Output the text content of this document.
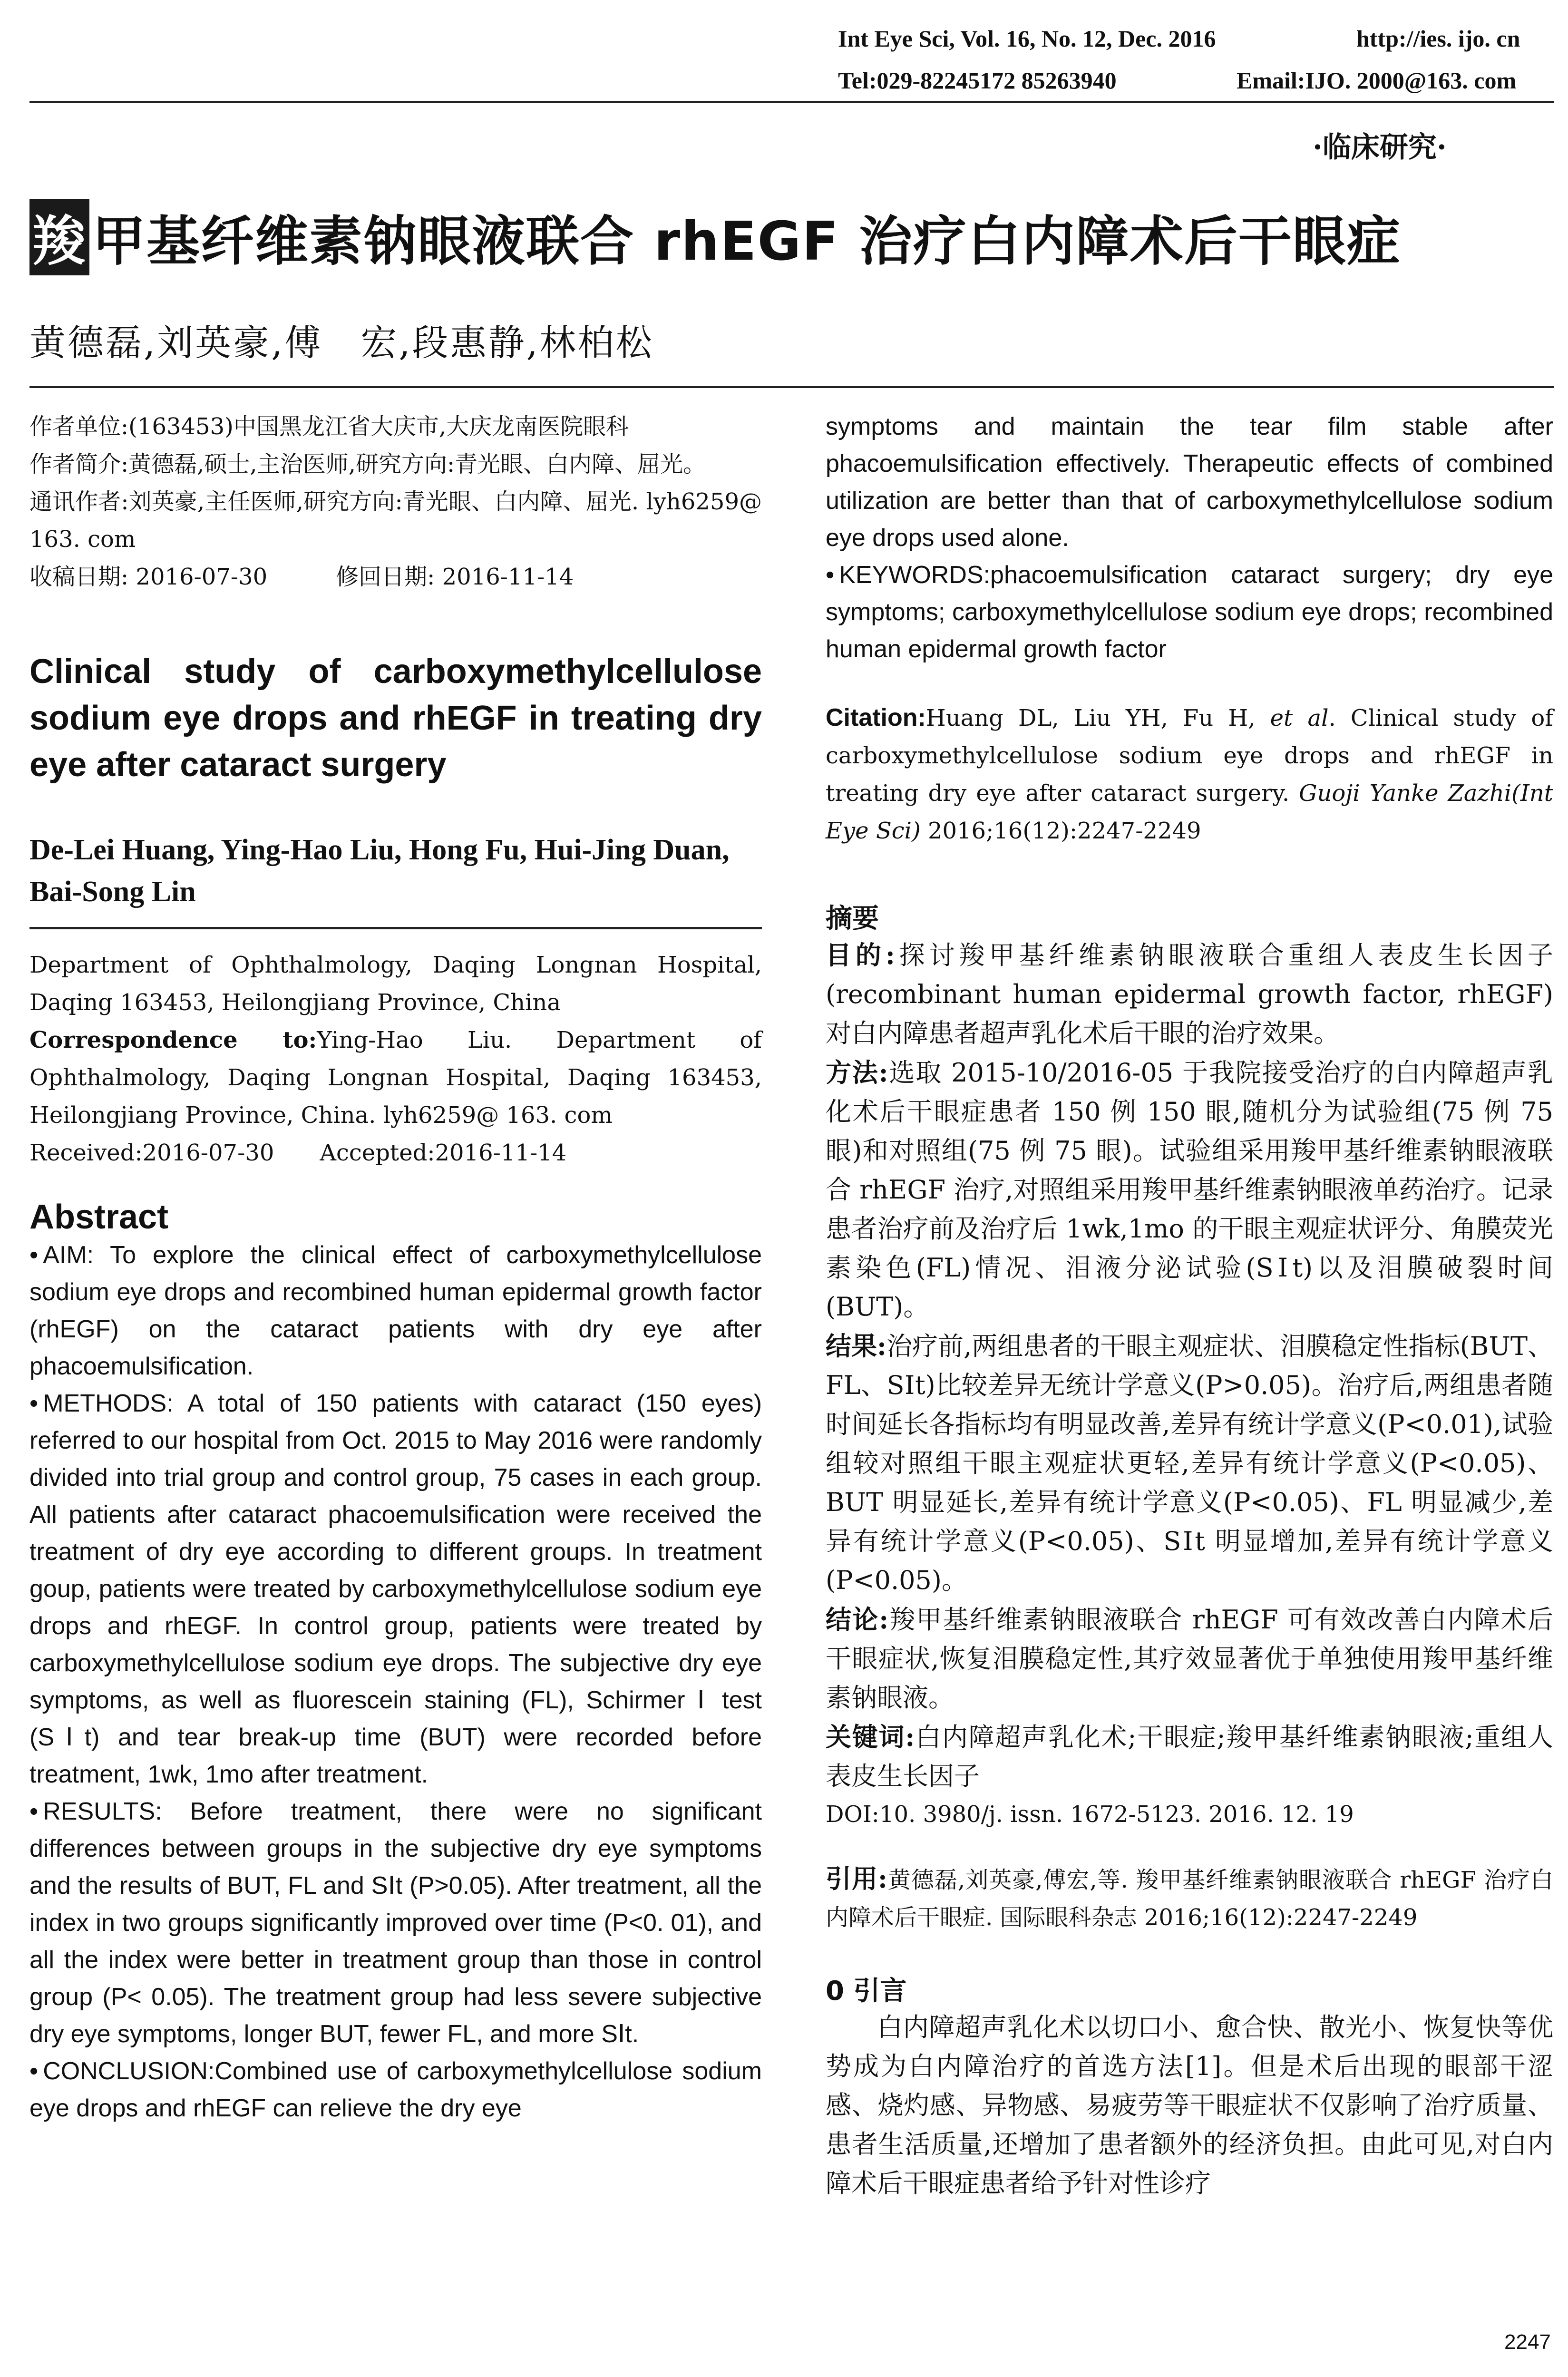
Int Eye Sci, Vol. 16, No. 12, Dec. 2016	http://ies. ijo. cn
Tel:029-82245172 85263940	Email:IJO. 2000@163. com
·临床研究·
羧 甲基纤维素钠眼液联合 rhEGF 治疗白内障术后干眼症
黄德磊,刘英豪,傅　宏,段惠静,林柏松

作者单位:(163453)中国黑龙江省大庆市,大庆龙南医院眼科

作者简介:黄德磊,硕士,主治医师,研究方向:青光眼、白内障、屈光。

通讯作者:刘英豪,主任医师,研究方向:青光眼、白内障、屈光. lyh6259@ 163. com

收稿日期: 2016-07-30　　　修回日期: 2016-11-14

Clinical study of carboxymethylcellulose sodium eye drops and rhEGF in treating dry eye after cataract surgery

De-Lei Huang, Ying-Hao Liu, Hong Fu, Hui-Jing Duan, Bai-Song Lin

Department of Ophthalmology, Daqing Longnan Hospital, Daqing 163453, Heilongjiang Province, China

Correspondence to:Ying-Hao Liu. Department of Ophthalmology, Daqing Longnan Hospital, Daqing 163453, Heilongjiang Province, China. lyh6259@ 163. com

Received:2016-07-30　　Accepted:2016-11-14

Abstract

• AIM: To explore the clinical effect of carboxymethylcellulose sodium eye drops and recombined human epidermal growth factor (rhEGF) on the cataract patients with dry eye after phacoemulsification.

• METHODS: A total of 150 patients with cataract (150 eyes) referred to our hospital from Oct. 2015 to May 2016 were randomly divided into trial group and control group, 75 cases in each group. All patients after cataract phacoemulsification were received the treatment of dry eye according to different groups. In treatment goup, patients were treated by carboxymethylcellulose sodium eye drops and rhEGF. In control group, patients were treated by carboxymethylcellulose sodium eye drops. The subjective dry eye symptoms, as well as fluorescein staining (FL), Schirmer Ⅰ test (SⅠt) and tear break-up time (BUT) were recorded before treatment, 1wk, 1mo after treatment.

• RESULTS: Before treatment, there were no significant differences between groups in the subjective dry eye symptoms and the results of BUT, FL and SⅠt (P>0.05). After treatment, all the index in two groups significantly improved over time (P<0. 01), and all the index were better in treatment group than those in control group (P< 0.05). The treatment group had less severe subjective dry eye symptoms, longer BUT, fewer FL, and more SⅠt.

• CONCLUSION:Combined use of carboxymethylcellulose sodium eye drops and rhEGF can relieve the dry eye

symptoms and maintain the tear film stable after phacoemulsification effectively. Therapeutic effects of combined utilization are better than that of carboxymethylcellulose sodium eye drops used alone.

• KEYWORDS:phacoemulsification cataract surgery; dry eye symptoms; carboxymethylcellulose sodium eye drops; recombined human epidermal growth factor

Citation:Huang DL, Liu YH, Fu H, et al. Clinical study of carboxymethylcellulose sodium eye drops and rhEGF in treating dry eye after cataract surgery. Guoji Yanke Zazhi(Int Eye Sci) 2016;16(12):2247-2249

摘要

目的:探讨羧甲基纤维素钠眼液联合重组人表皮生长因子(recombinant human epidermal growth factor, rhEGF)对白内障患者超声乳化术后干眼的治疗效果。

方法:选取 2015-10/2016-05 于我院接受治疗的白内障超声乳化术后干眼症患者 150 例 150 眼,随机分为试验组(75 例 75 眼)和对照组(75 例 75 眼)。试验组采用羧甲基纤维素钠眼液联合 rhEGF 治疗,对照组采用羧甲基纤维素钠眼液单药治疗。记录患者治疗前及治疗后 1wk,1mo 的干眼主观症状评分、角膜荧光素染色(FL)情况、泪液分泌试验(SⅠt)以及泪膜破裂时间(BUT)。

结果:治疗前,两组患者的干眼主观症状、泪膜稳定性指标(BUT、FL、SⅠt)比较差异无统计学意义(P>0.05)。治疗后,两组患者随时间延长各指标均有明显改善,差异有统计学意义(P<0.01),试验组较对照组干眼主观症状更轻,差异有统计学意义(P<0.05)、BUT 明显延长,差异有统计学意义(P<0.05)、FL 明显减少,差异有统计学意义(P<0.05)、SⅠt 明显增加,差异有统计学意义(P<0.05)。

结论:羧甲基纤维素钠眼液联合 rhEGF 可有效改善白内障术后干眼症状,恢复泪膜稳定性,其疗效显著优于单独使用羧甲基纤维素钠眼液。

关键词:白内障超声乳化术;干眼症;羧甲基纤维素钠眼液;重组人表皮生长因子

DOI:10. 3980/j. issn. 1672-5123. 2016. 12. 19

引用:黄德磊,刘英豪,傅宏,等. 羧甲基纤维素钠眼液联合 rhEGF 治疗白内障术后干眼症. 国际眼科杂志 2016;16(12):2247-2249

0 引言

白内障超声乳化术以切口小、愈合快、散光小、恢复快等优势成为白内障治疗的首选方法[1]。但是术后出现的眼部干涩感、烧灼感、异物感、易疲劳等干眼症状不仅影响了治疗质量、患者生活质量,还增加了患者额外的经济负担。由此可见,对白内障术后干眼症患者给予针对性诊疗

2247
